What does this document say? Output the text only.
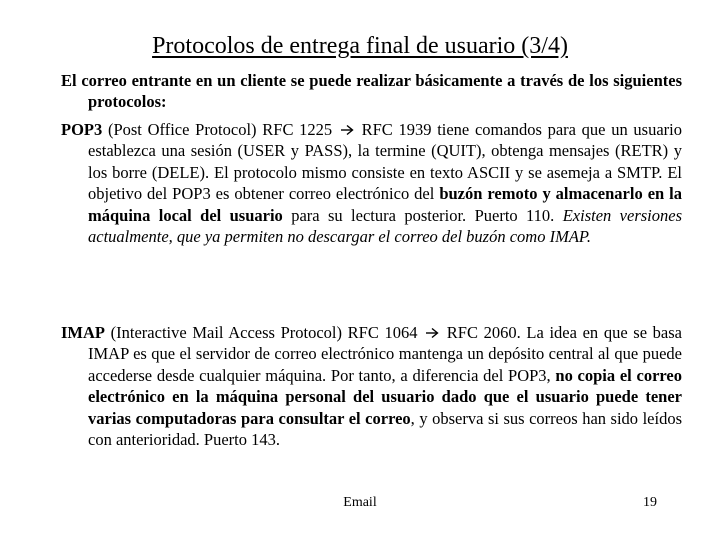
Protocolos de entrega final de usuario (3/4)
El correo entrante en un cliente se puede realizar básicamente a través de los siguientes protocolos:
POP3 (Post Office Protocol) RFC 1225  RFC 1939 tiene comandos para que un usuario establezca una sesión (USER y PASS), la termine (QUIT), obtenga mensajes (RETR) y los borre (DELE). El protocolo mismo consiste en texto ASCII y se asemeja a SMTP. El objetivo del POP3 es obtener correo electrónico del buzón remoto y almacenarlo en la máquina local del usuario para su lectura posterior. Puerto 110. Existen versiones actualmente, que ya permiten no descargar el correo del buzón como IMAP.
IMAP (Interactive Mail Access Protocol) RFC 1064  RFC 2060. La idea en que se basa IMAP es que el servidor de correo electrónico mantenga un depósito central al que puede accederse desde cualquier máquina. Por tanto, a diferencia del POP3, no copia el correo electrónico en la máquina personal del usuario dado que el usuario puede tener varias computadoras para consultar el correo, y observa si sus correos han sido leídos con anterioridad. Puerto 143.
Email	19
